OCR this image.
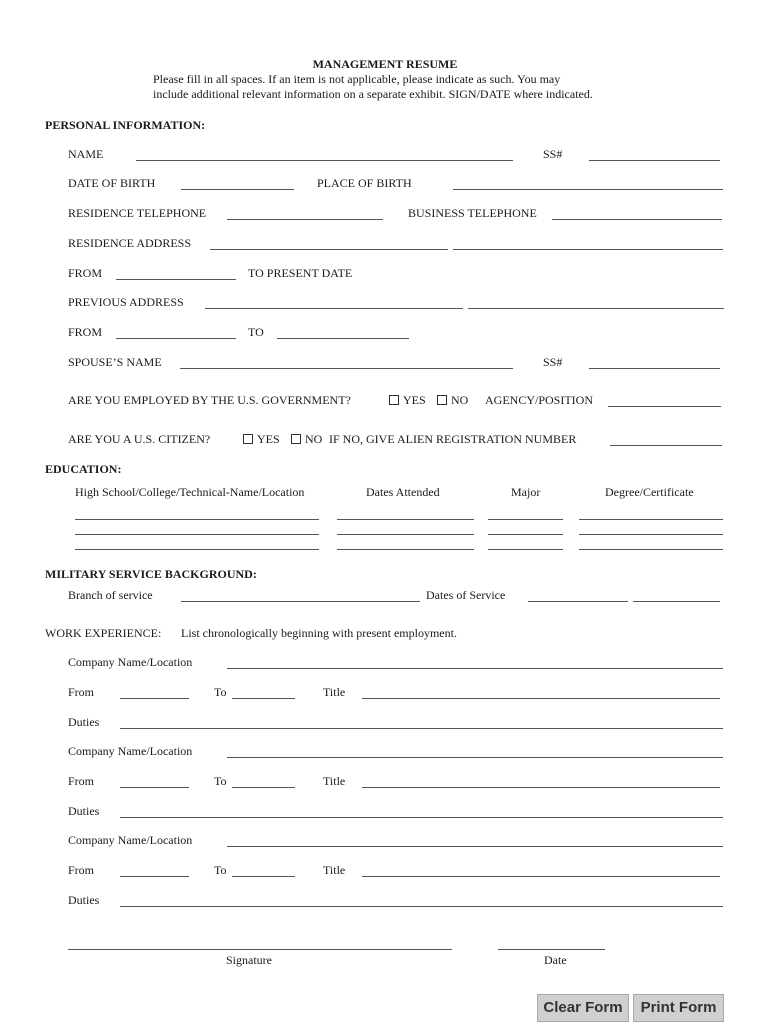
MANAGEMENT RESUME
Please fill in all spaces. If an item is not applicable, please indicate as such. You may
include additional relevant information on a separate exhibit. SIGN/DATE where indicated.
PERSONAL INFORMATION:
NAME	SS#
DATE OF BIRTH	PLACE OF BIRTH
RESIDENCE TELEPHONE	BUSINESS TELEPHONE
RESIDENCE ADDRESS
FROM	TO PRESENT DATE
PREVIOUS ADDRESS
FROM	TO
SPOUSE’S NAME	SS#
ARE YOU EMPLOYED BY THE U.S. GOVERNMENT?	YES	NO AGENCY/POSITION
ARE YOU A U.S. CITIZEN?	YES	NO IF NO, GIVE ALIEN REGISTRATION NUMBER
EDUCATION:
High School/College/Technical-Name/Location	Dates Attended	Major	Degree/Certificate
MILITARY SERVICE BACKGROUND:
Branch of service	Dates of Service
WORK EXPERIENCE: List chronologically beginning with present employment.
Company Name/Location
From	To	Title
Duties
Company Name/Location
From	To	Title
Duties
Company Name/Location
From	To	Title
Duties
Signature	Date
Clear Form	Print Form
